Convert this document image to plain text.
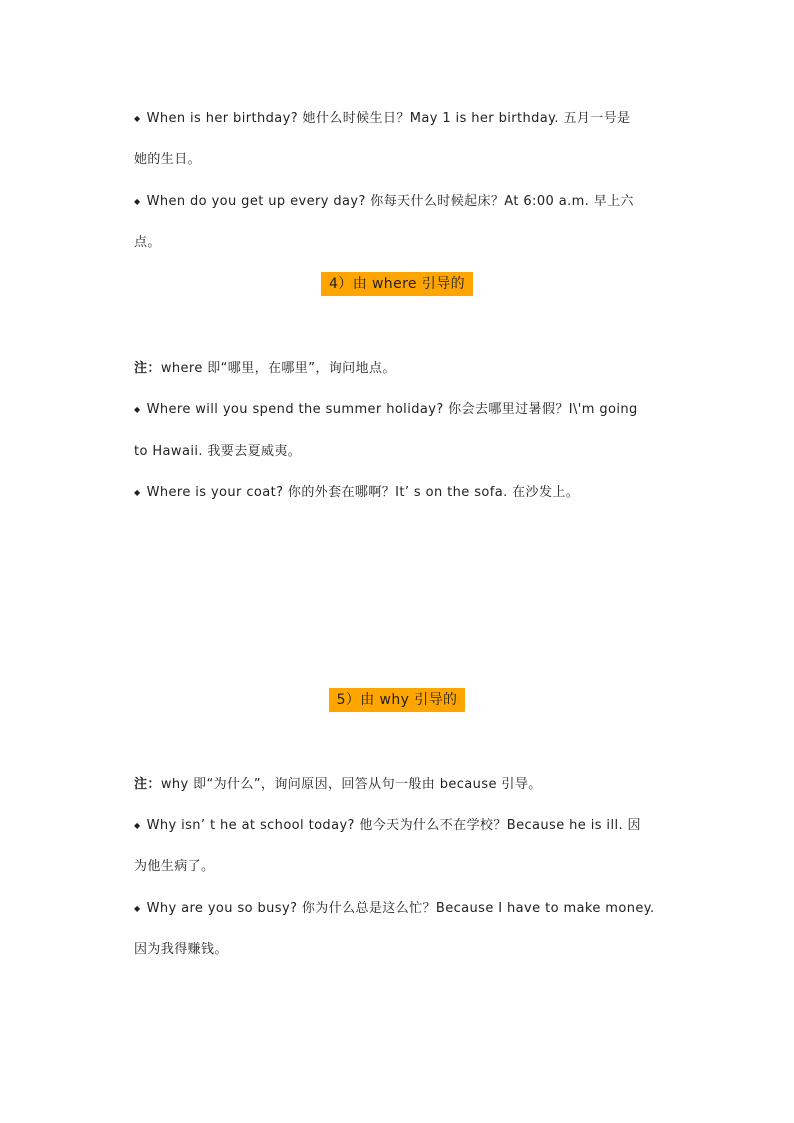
◆ When is her birthday? 她什么时候生日？May 1 is her birthday. 五月一号是
她的生日。
◆ When do you get up every day? 你每天什么时候起床？At 6:00 a.m. 早上六
点。
4）由 where 引导的
注：where 即“哪里，在哪里”，询问地点。
◆ Where will you spend the summer holiday? 你会去哪里过暑假？I\'m going
to Hawaii. 我要去夏威夷。
◆ Where is your coat? 你的外套在哪啊？It’ s on the sofa. 在沙发上。
5）由 why 引导的
注：why 即“为什么”，询问原因，回答从句一般由 because 引导。
◆ Why isn’ t he at school today? 他今天为什么不在学校？Because he is ill. 因
为他生病了。
◆ Why are you so busy? 你为什么总是这么忙？Because I have to make money.
因为我得赚钱。
